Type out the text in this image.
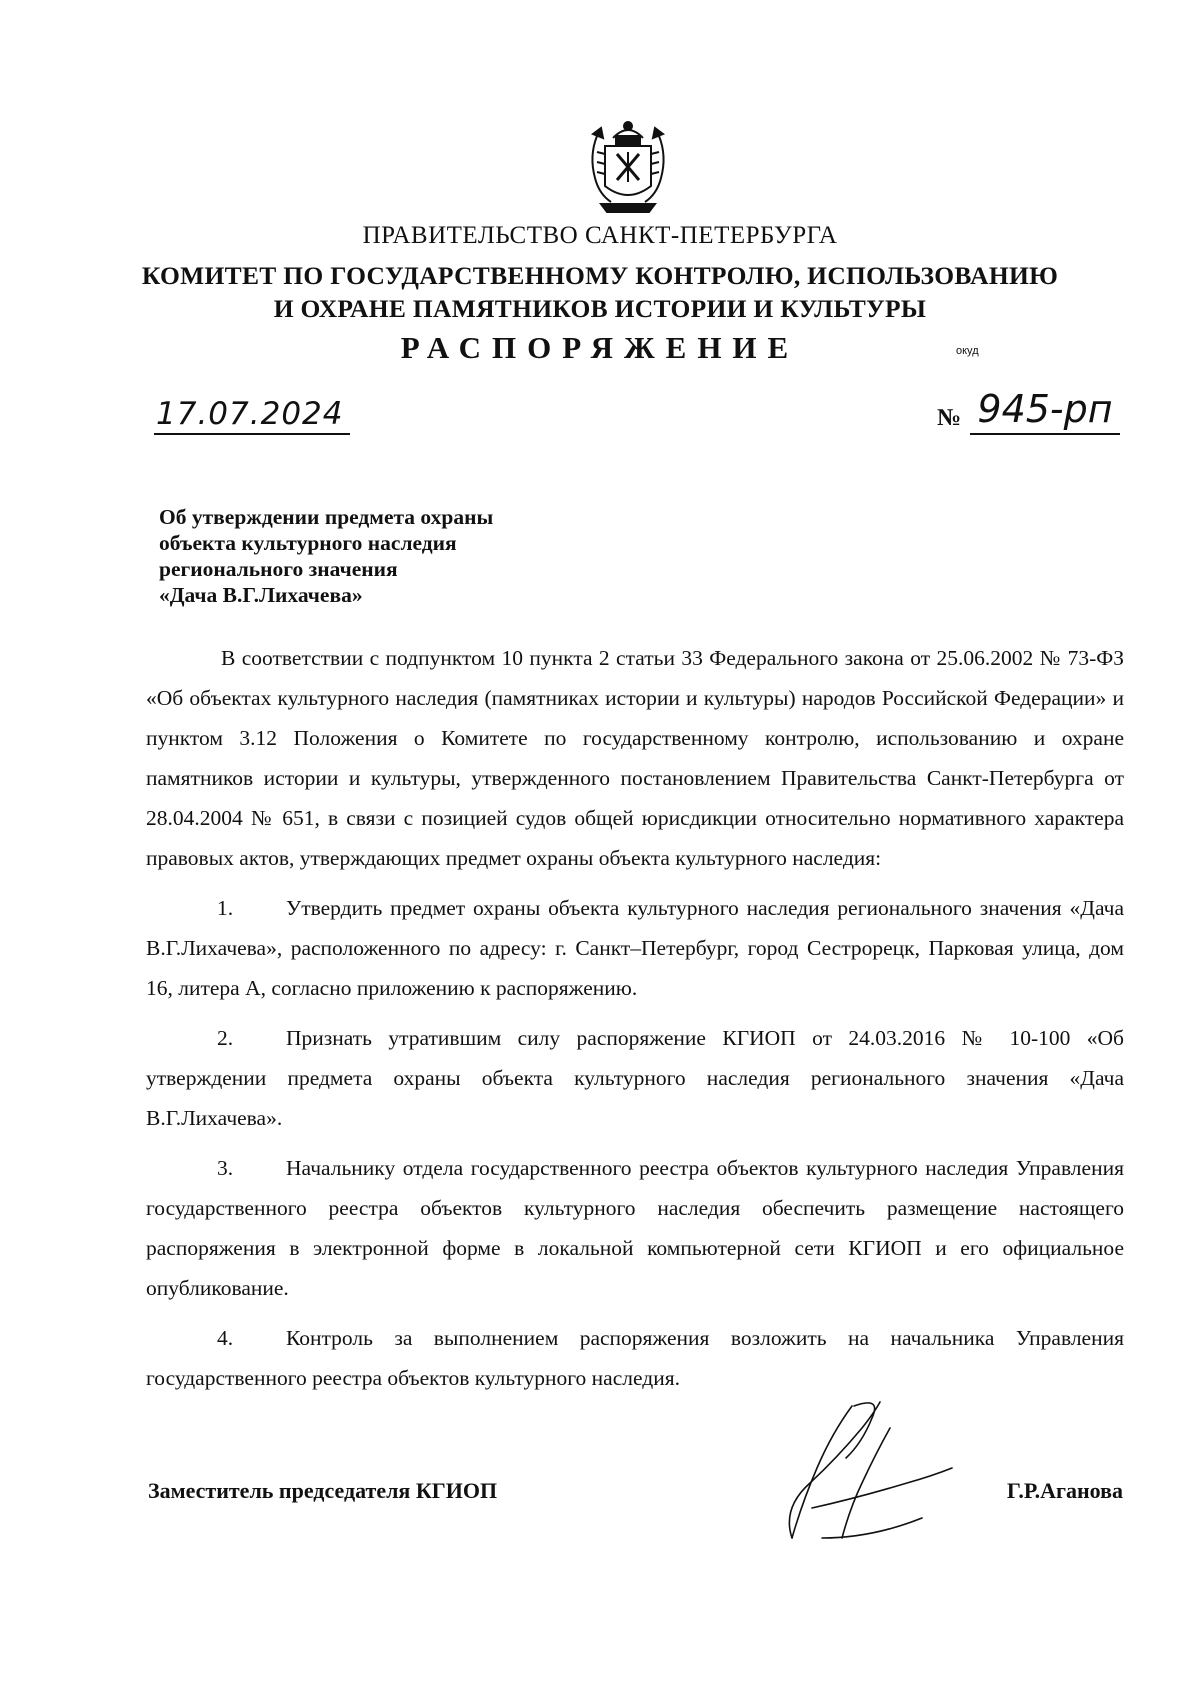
ПРАВИТЕЛЬСТВО САНКТ-ПЕТЕРБУРГА
КОМИТЕТ ПО ГОСУДАРСТВЕННОМУ КОНТРОЛЮ, ИСПОЛЬЗОВАНИЮ
И ОХРАНЕ ПАМЯТНИКОВ ИСТОРИИ И КУЛЬТУРЫ
РАСПОРЯЖЕНИЕ	окуд
17.07.2024	№ 945-рп
Об утверждении предмета охраны
объекта культурного наследия
регионального значения
«Дача В.Г.Лихачева»

В соответствии с подпунктом 10 пункта 2 статьи 33 Федерального закона от 25.06.2002 № 73-ФЗ «Об объектах культурного наследия (памятниках истории и культуры) народов Российской Федерации» и пунктом 3.12 Положения о Комитете по государственному контролю, использованию и охране памятников истории и культуры, утвержденного постановлением Правительства Санкт-Петербурга от 28.04.2004 № 651, в связи с позицией судов общей юрисдикции относительно нормативного характера правовых актов, утверждающих предмет охраны объекта культурного наследия:

1. Утвердить предмет охраны объекта культурного наследия регионального значения «Дача В.Г.Лихачева», расположенного по адресу: г. Санкт–Петербург, город Сестрорецк, Парковая улица, дом 16, литера А, согласно приложению к распоряжению.

2. Признать утратившим силу распоряжение КГИОП от 24.03.2016 № 10-100 «Об утверждении предмета охраны объекта культурного наследия регионального значения «Дача В.Г.Лихачева».

3. Начальнику отдела государственного реестра объектов культурного наследия Управления государственного реестра объектов культурного наследия обеспечить размещение настоящего распоряжения в электронной форме в локальной компьютерной сети КГИОП и его официальное опубликование.

4. Контроль за выполнением распоряжения возложить на начальника Управления государственного реестра объектов культурного наследия.

Заместитель председателя КГИОП	Г.Р.Аганова
